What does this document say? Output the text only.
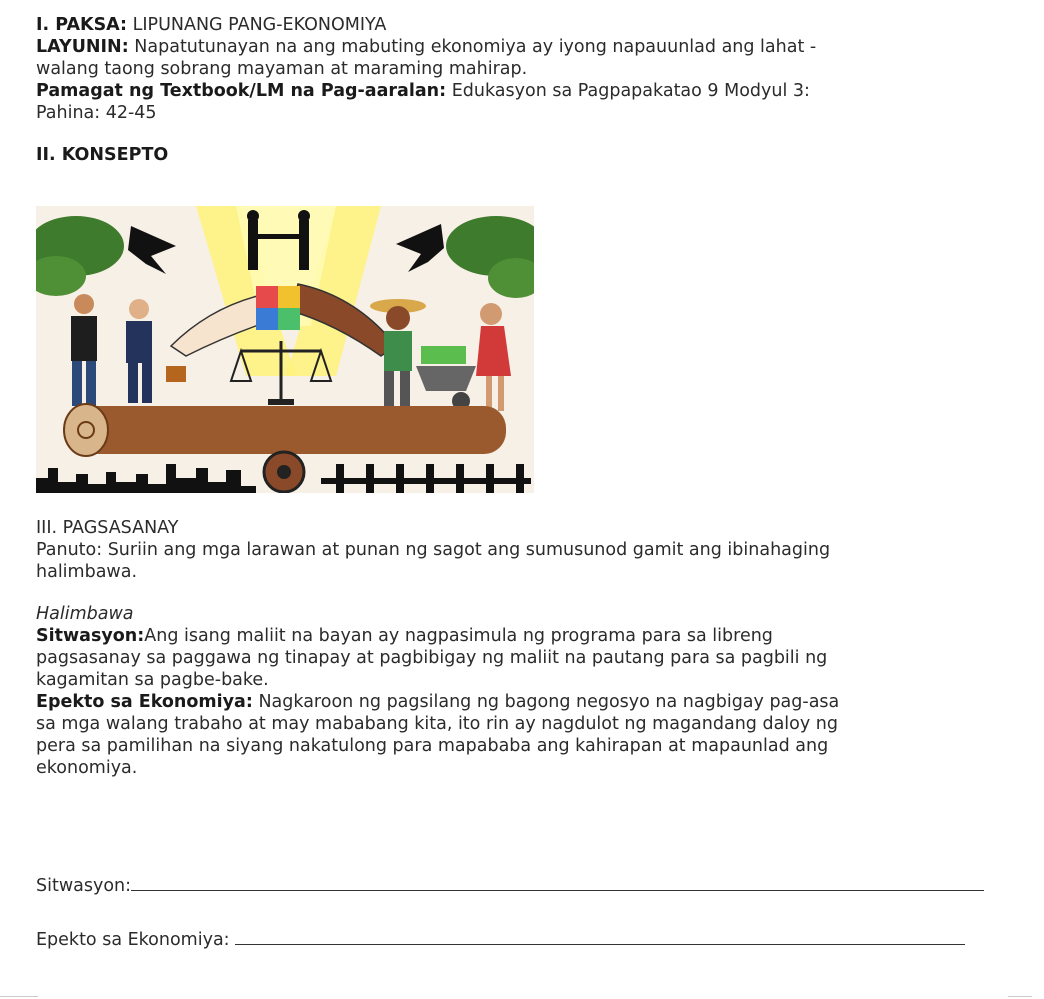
I. PAKSA: LIPUNANG PANG-EKONOMIYA

LAYUNIN: Napatutunayan na ang mabuting ekonomiya ay iyong napauunlad ang lahat -

walang taong sobrang mayaman at maraming mahirap.

Pamagat ng Textbook/LM na Pag-aaralan: Edukasyon sa Pagpapakatao 9 Modyul 3:

Pahina: 42-45

II. KONSEPTO

III. PAGSASANAY

Panuto: Suriin ang mga larawan at punan ng sagot ang sumusunod gamit ang ibinahaging

halimbawa.

Halimbawa

Sitwasyon:Ang isang maliit na bayan ay nagpasimula ng programa para sa libreng

pagsasanay sa paggawa ng tinapay at pagbibigay ng maliit na pautang para sa pagbili ng

kagamitan sa pagbe-bake.

Epekto sa Ekonomiya: Nagkaroon ng pagsilang ng bagong negosyo na nagbigay pag-asa

sa mga walang trabaho at may mababang kita, ito rin ay nagdulot ng magandang daloy ng

pera sa pamilihan na siyang nakatulong para mapababa ang kahirapan at mapaunlad ang

ekonomiya.

Sitwasyon:
Epekto sa Ekonomiya:
